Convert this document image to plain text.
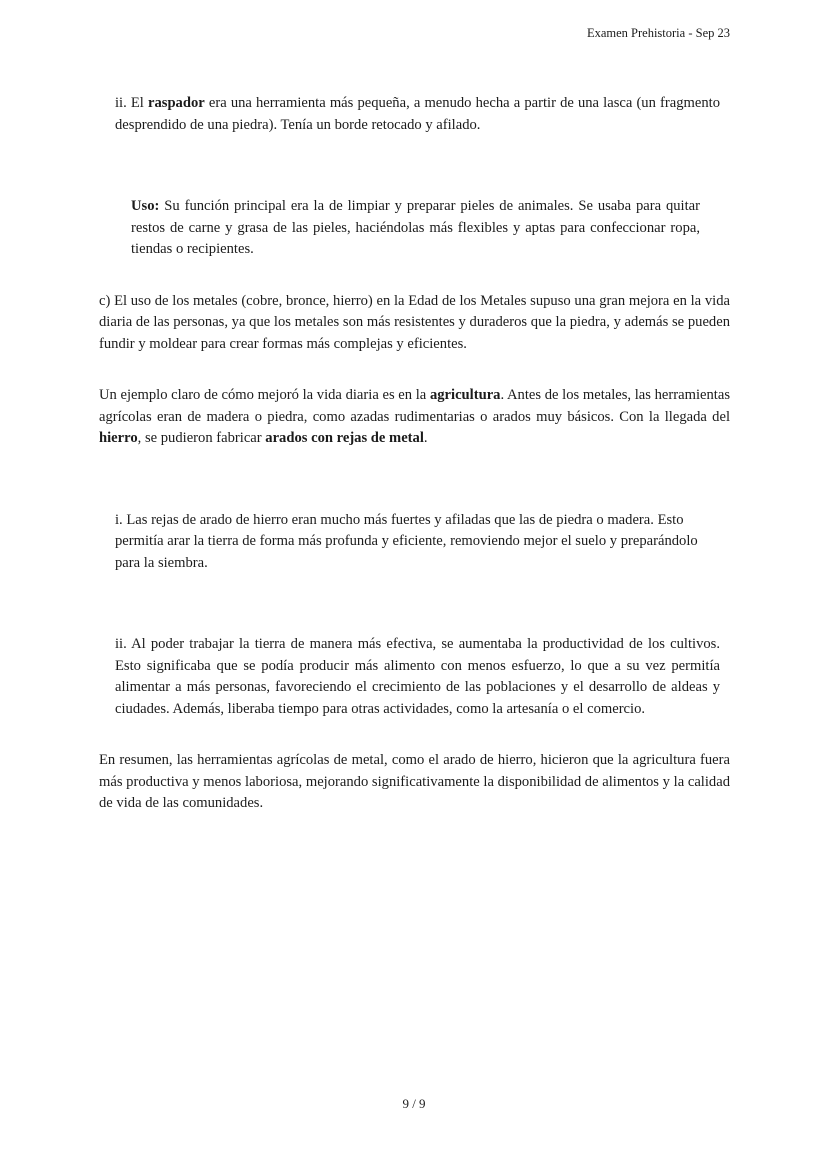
Examen Prehistoria - Sep 23

ii. El raspador era una herramienta más pequeña, a menudo hecha a partir de una lasca (un fragmento desprendido de una piedra). Tenía un borde retocado y afilado.

Uso: Su función principal era la de limpiar y preparar pieles de animales. Se usaba para quitar restos de carne y grasa de las pieles, haciéndolas más flexibles y aptas para confeccionar ropa, tiendas o recipientes.

c) El uso de los metales (cobre, bronce, hierro) en la Edad de los Metales supuso una gran mejora en la vida diaria de las personas, ya que los metales son más resistentes y duraderos que la piedra, y además se pueden fundir y moldear para crear formas más complejas y eficientes.

Un ejemplo claro de cómo mejoró la vida diaria es en la agricultura. Antes de los metales, las herramientas agrícolas eran de madera o piedra, como azadas rudimentarias o arados muy básicos. Con la llegada del hierro, se pudieron fabricar arados con rejas de metal.

i. Las rejas de arado de hierro eran mucho más fuertes y afiladas que las de piedra o madera. Esto permitía arar la tierra de forma más profunda y eficiente, removiendo mejor el suelo y preparándolo para la siembra.

ii. Al poder trabajar la tierra de manera más efectiva, se aumentaba la productividad de los cultivos. Esto significaba que se podía producir más alimento con menos esfuerzo, lo que a su vez permitía alimentar a más personas, favoreciendo el crecimiento de las poblaciones y el desarrollo de aldeas y ciudades. Además, liberaba tiempo para otras actividades, como la artesanía o el comercio.

En resumen, las herramientas agrícolas de metal, como el arado de hierro, hicieron que la agricultura fuera más productiva y menos laboriosa, mejorando significativamente la disponibilidad de alimentos y la calidad de vida de las comunidades.

9 / 9
